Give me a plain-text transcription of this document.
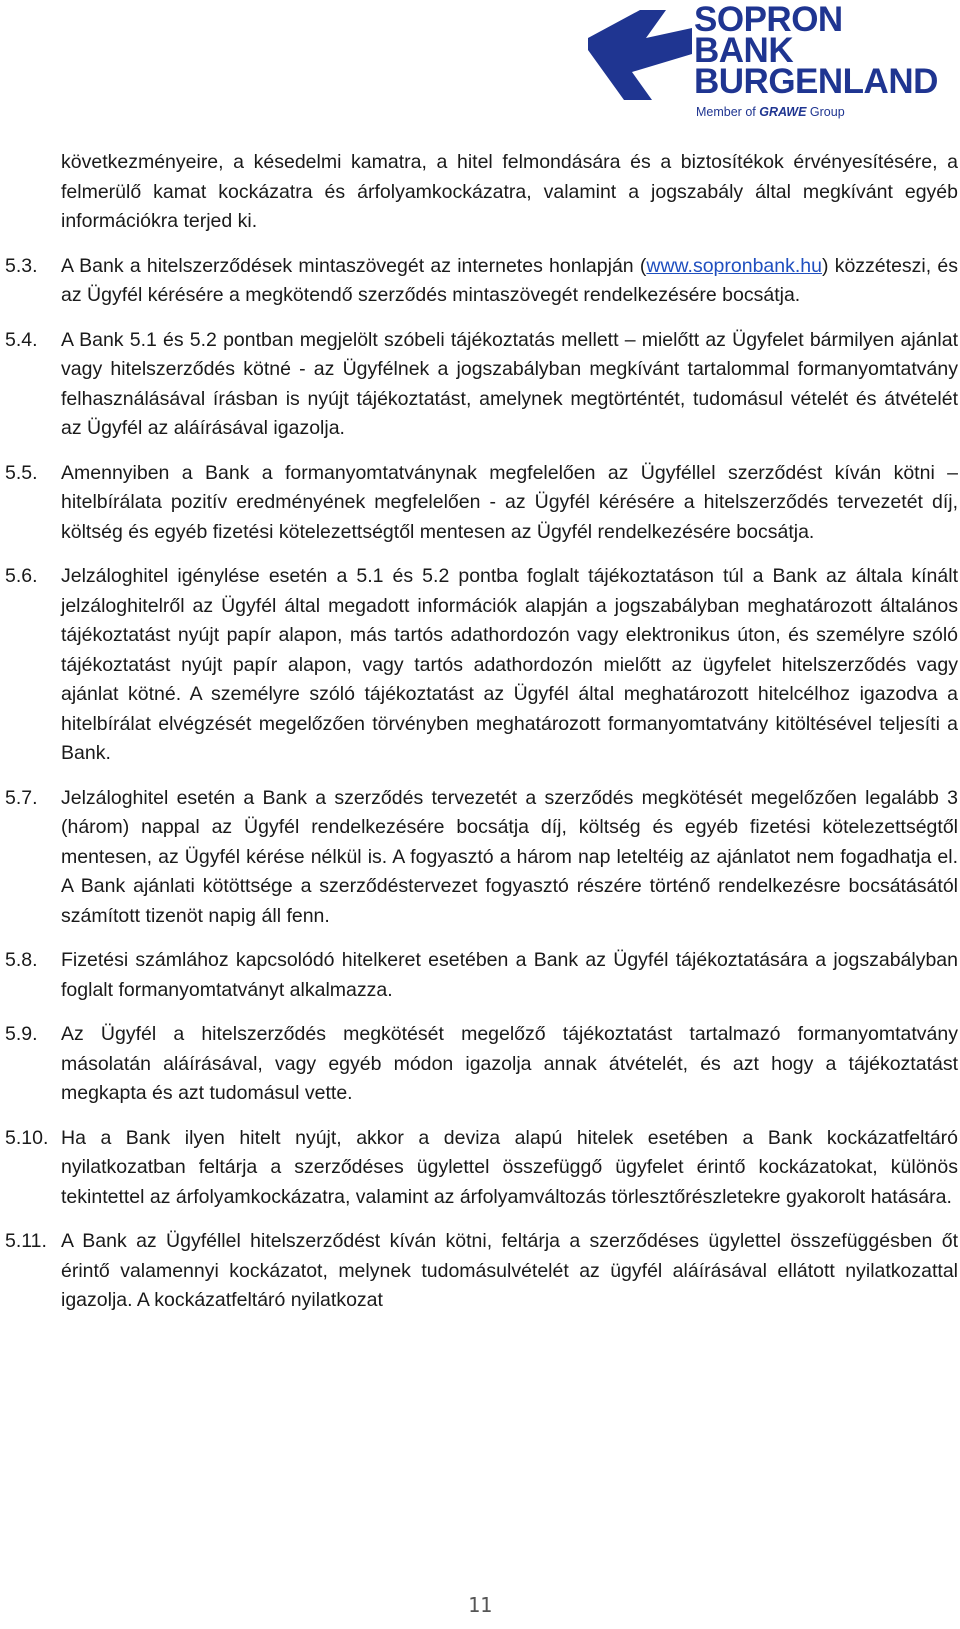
SOPRON
BANK
BURGENLAND
Member of GRAWE Group

következményeire, a késedelmi kamatra, a hitel felmondására és a biztosítékok érvényesítésére, a felmerülő kamat kockázatra és árfolyamkockázatra, valamint a jogszabály által megkívánt egyéb információkra terjed ki.

5.3. A Bank a hitelszerződések mintaszövegét az internetes honlapján (www.sopronbank.hu) közzéteszi, és az Ügyfél kérésére a megkötendő szerződés mintaszövegét rendelkezésére bocsátja.
5.4. A Bank 5.1 és 5.2 pontban megjelölt szóbeli tájékoztatás mellett – mielőtt az Ügyfelet bármilyen ajánlat vagy hitelszerződés kötné - az Ügyfélnek a jogszabályban megkívánt tartalommal formanyomtatvány felhasználásával írásban is nyújt tájékoztatást, amelynek megtörténtét, tudomásul vételét és átvételét az Ügyfél az aláírásával igazolja.
5.5. Amennyiben a Bank a formanyomtatványnak megfelelően az Ügyféllel szerződést kíván kötni – hitelbírálata pozitív eredményének megfelelően - az Ügyfél kérésére a hitelszerződés tervezetét díj, költség és egyéb fizetési kötelezettségtől mentesen az Ügyfél rendelkezésére bocsátja.
5.6. Jelzáloghitel igénylése esetén a 5.1 és 5.2 pontba foglalt tájékoztatáson túl a Bank az általa kínált jelzáloghitelről az Ügyfél által megadott információk alapján a jogszabályban meghatározott általános tájékoztatást nyújt papír alapon, más tartós adathordozón vagy elektronikus úton, és személyre szóló tájékoztatást nyújt papír alapon, vagy tartós adathordozón mielőtt az ügyfelet hitelszerződés vagy ajánlat kötné. A személyre szóló tájékoztatást az Ügyfél által meghatározott hitelcélhoz igazodva a hitelbírálat elvégzését megelőzően törvényben meghatározott formanyomtatvány kitöltésével teljesíti a Bank.
5.7. Jelzáloghitel esetén a Bank a szerződés tervezetét a szerződés megkötését megelőzően legalább 3 (három) nappal az Ügyfél rendelkezésére bocsátja díj, költség és egyéb fizetési kötelezettségtől mentesen, az Ügyfél kérése nélkül is. A fogyasztó a három nap leteltéig az ajánlatot nem fogadhatja el. A Bank ajánlati kötöttsége a szerződéstervezet fogyasztó részére történő rendelkezésre bocsátásától számított tizenöt napig áll fenn.
5.8. Fizetési számlához kapcsolódó hitelkeret esetében a Bank az Ügyfél tájékoztatására a jogszabályban foglalt formanyomtatványt alkalmazza.
5.9. Az Ügyfél a hitelszerződés megkötését megelőző tájékoztatást tartalmazó formanyomtatvány másolatán aláírásával, vagy egyéb módon igazolja annak átvételét, és azt hogy a tájékoztatást megkapta és azt tudomásul vette.
5.10. Ha a Bank ilyen hitelt nyújt, akkor a deviza alapú hitelek esetében a Bank kockázatfeltáró nyilatkozatban feltárja a szerződéses ügylettel összefüggő ügyfelet érintő kockázatokat, különös tekintettel az árfolyamkockázatra, valamint az árfolyamváltozás törlesztőrészletekre gyakorolt hatására.
5.11. A Bank az Ügyféllel hitelszerződést kíván kötni, feltárja a szerződéses ügylettel összefüggésben őt érintő valamennyi kockázatot, melynek tudomásulvételét az ügyfél aláírásával ellátott nyilatkozattal igazolja. A kockázatfeltáró nyilatkozat
11
